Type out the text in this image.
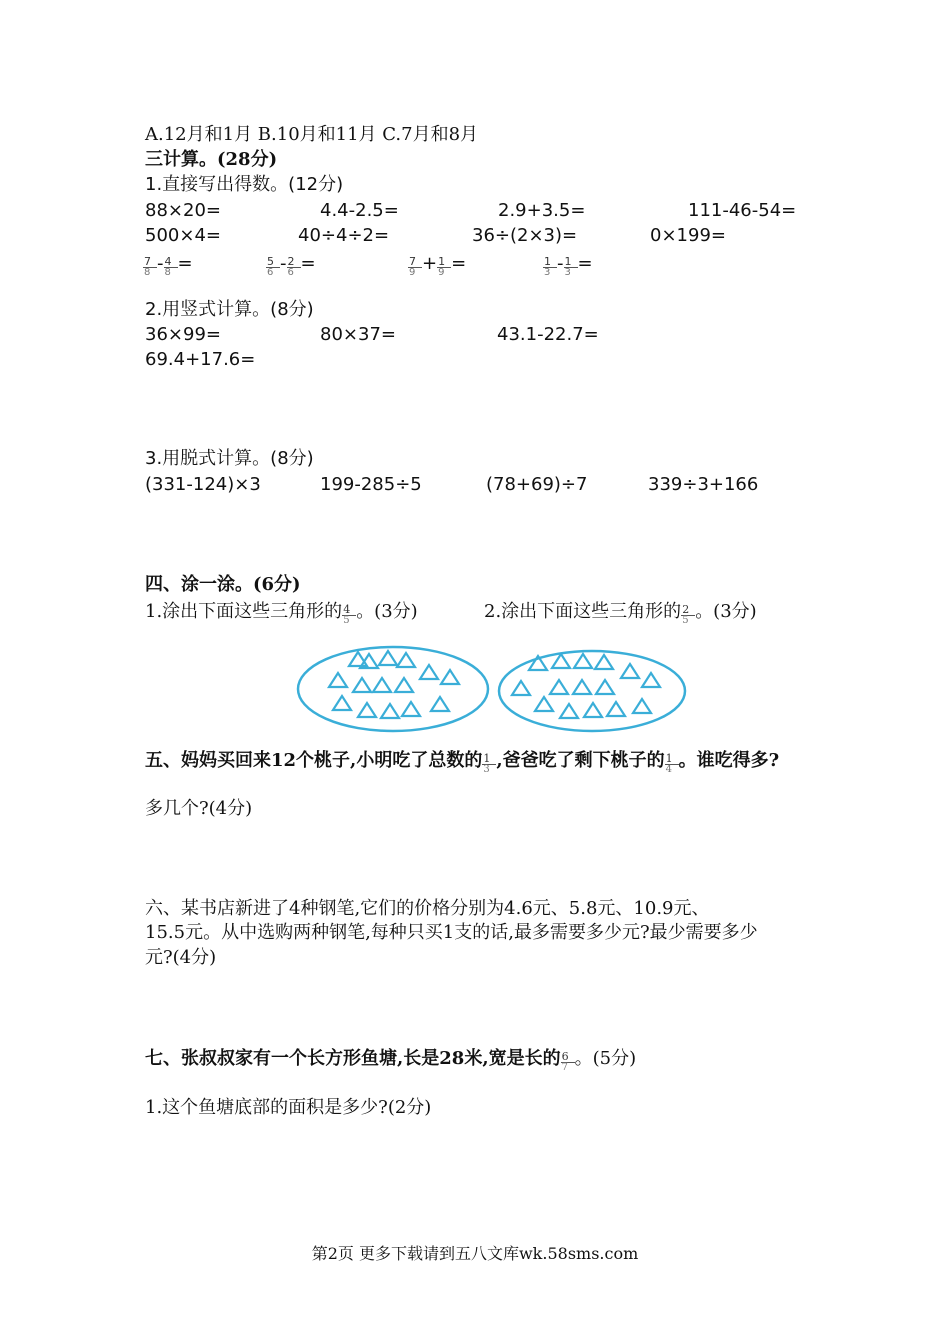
A.12月和1月 B.10月和11月 C.7月和8月
三计算。(28分)
1.直接写出得数。(12分)
88×20=	4.4-2.5=	2.9+3.5=	111-46-54=
500×4=	40÷4÷2=	36÷(2×3)=	0×199=
$\frac{7}{8} - \frac{4}{8}$ =	$\frac{5}{6} - \frac{2}{6}$ =	$\frac{7}{9} + \frac{1}{9}$ =	$\frac{1}{3} - \frac{1}{3}$ =
2.用竖式计算。(8分)
36×99=	80×37=	43.1-22.7=
69.4+17.6=
3.用脱式计算。(8分)
(331-124)×3	199-285÷5	(78+69)÷7	339÷3+166
四、涂一涂。(6分)
1.涂出下面这些三角形的 $\frac{4}{5}$ 。(3分)	2.涂出下面这些三角形的 $\frac{2}{5}$ 。(3分)
五、妈妈买回来12个桃子,小明吃了总数的 $\frac{1}{3}$ ,爸爸吃了剩下桃子的 $\frac{1}{4}$ 。谁吃得多?
多几个?(4分)
六、某书店新进了4种钢笔,它们的价格分别为4.6元、5.8元、10.9元、
15.5元。从中选购两种钢笔,每种只买1支的话,最多需要多少元?最少需要多少
元?(4分)
七、张叔叔家有一个长方形鱼塘,长是28米,宽是长的 $\frac{6}{7}$ 。(5分)
1.这个鱼塘底部的面积是多少?(2分)
第2页 更多下载请到五八文库wk.58sms.com
